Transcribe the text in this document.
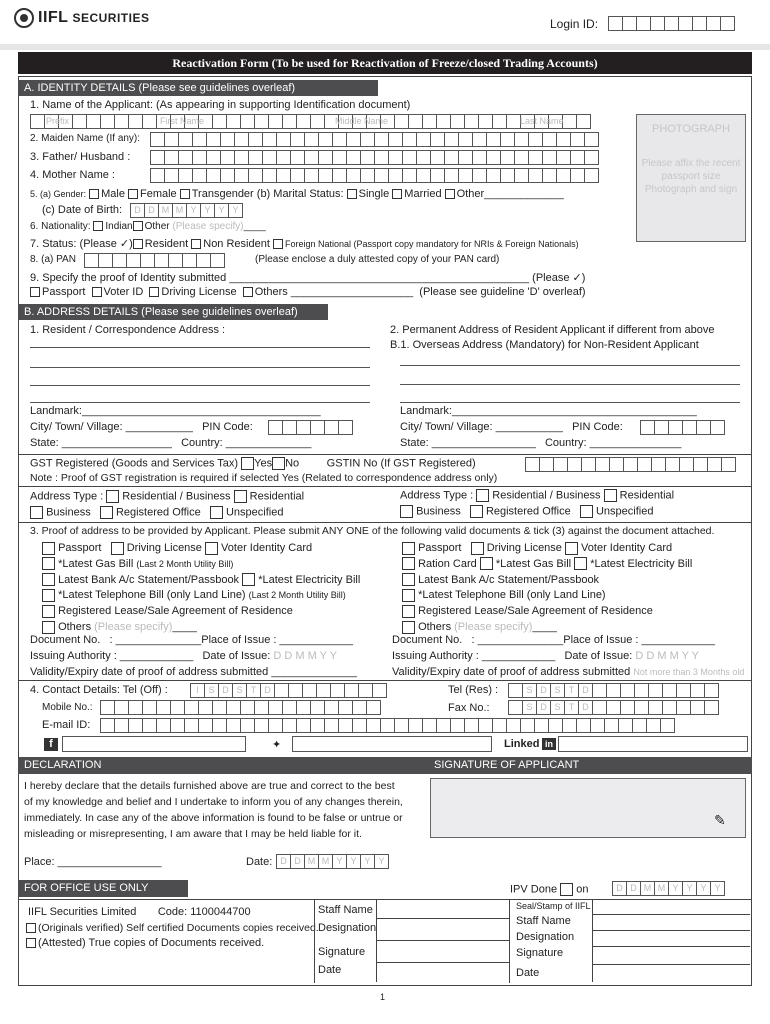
IIFL SECURITIES	Login ID:
Reactivation Form (To be used for Reactivation of Freeze/closed Trading Accounts)
A. IDENTITY DETAILS (Please see guidelines overleaf)
1. Name of the Applicant: (As appearing in supporting Identification document)
Prefix	First Name	Middle Name	Last Name
2. Maiden Name (If any):
3. Father/ Husband :
4. Mother Name :
5. (a) Gender: Male Female Transgender (b) Marital Status: Single Married Other_____________
(c) Date of Birth:	D D M M Y Y Y Y
6. Nationality: Indian Other (Please specify)____
7. Status: (Please ✓) Resident Non Resident Foreign National (Passport copy mandatory for NRIs & Foreign Nationals)
8. (a) PAN	(Please enclose a duly attested copy of your PAN card)
9. Specify the proof of Identity submitted _________________________________________________ (Please ✓)
Passport Voter ID Driving License Others ____________________  (Please see guideline 'D' overleaf)
PHOTOGRAPH
Please affix the recent passport size Photograph and sign
B. ADDRESS DETAILS (Please see guidelines overleaf)
1. Resident / Correspondence Address :
Landmark:_______________________________________
City/ Town/ Village: ___________   PIN Code:
State: __________________   Country: ______________
2. Permanent Address of Resident Applicant if different from above
B.1. Overseas Address (Mandatory) for Non-Resident Applicant
Landmark:________________________________________
City/ Town/ Village: ___________   PIN Code:
State: _________________   Country: _______________
GST Registered (Goods and Services Tax) Yes No	GSTIN No (If GST Registered)
Note : Proof of GST registration is required if selected Yes (Related to correspondence address only)
Address Type : Residential / Business Residential
Business Registered Office Unspecified
Address Type : Residential / Business Residential
Business Registered Office Unspecified
3. Proof of address to be provided by Applicant. Please submit ANY ONE of the following valid documents & tick (3) against the document attached.
Passport Driving License Voter Identity Card
*Latest Gas Bill (Last 2 Month Utility Bill)
Latest Bank A/c Statement/Passbook *Latest Electricity Bill
*Latest Telephone Bill (only Land Line) (Last 2 Month Utility Bill)
Registered Lease/Sale Agreement of Residence
Others (Please specify)____
Passport Driving License Voter Identity Card
Ration Card *Latest Gas Bill *Latest Electricity Bill
Latest Bank A/c Statement/Passbook
*Latest Telephone Bill (only Land Line)
Registered Lease/Sale Agreement of Residence
Others (Please specify)____
Document No.   : ______________Place of Issue : ____________
Issuing Authority : ____________   Date of Issue: D D M M Y Y
Validity/Expiry date of proof of address submitted ______________
Document No.   : ______________Place of Issue : ____________
Issuing Authority : ____________   Date of Issue: D D M M Y Y
Validity/Expiry date of proof of address submitted Not more than 3 Months old
4. Contact Details: Tel (Off) :	I	S D S T D	Tel (Res) :	S D S T D
Mobile No.:	Fax No.:	S D S T D
E-mail ID:
f	✦	Linked in
DECLARATION	SIGNATURE OF APPLICANT
I hereby declare that the details furnished above are true and correct to the best
of my knowledge and belief and I undertake to inform you of any changes therein,
immediately. In case any of the above information is found to be false or untrue or
misleading or misrepresenting, I am aware that I may be held liable for it.
✎
Place: _________________	Date: D D M M Y Y Y Y
FOR OFFICE USE ONLY	IPV Done on	D D M M Y Y Y Y
IIFL Securities Limited Code: 1100044700
(Originals verified) Self certified Documents copies received.
(Attested) True copies of Documents received.
Staff Name
Designation
Signature
Date
Seal/Stamp of IIFL
Staff Name
Designation
Signature
Date
1
